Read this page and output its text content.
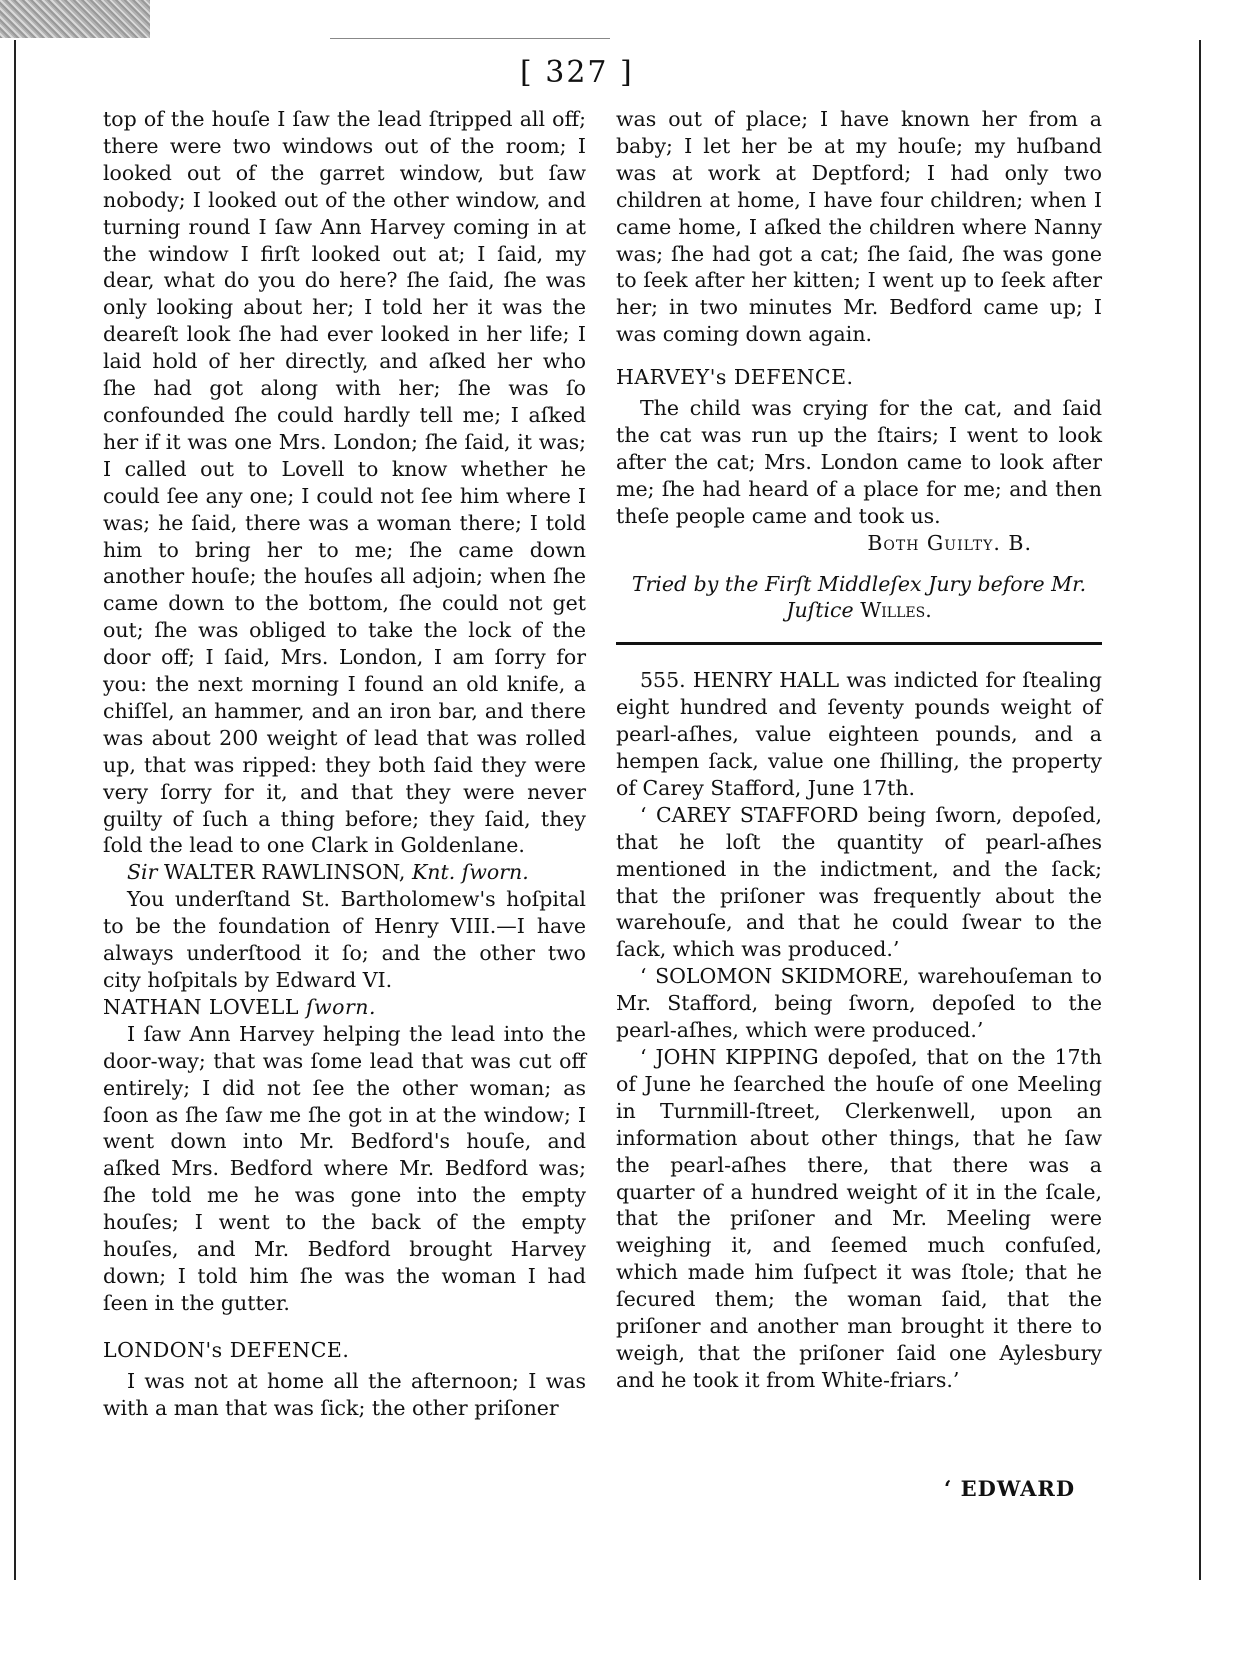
[ 327 ]

top of the houſe I ſaw the lead ſtripped all off; there were two windows out of the room; I looked out of the garret window, but ſaw nobody; I looked out of the other window, and turning round I ſaw Ann Harvey coming in at the window I firſt looked out at; I ſaid, my dear, what do you do here? ſhe ſaid, ſhe was only looking about her; I told her it was the deareſt look ſhe had ever looked in her life; I laid hold of her directly, and aſked her who ſhe had got along with her; ſhe was ſo confounded ſhe could hardly tell me; I aſked her if it was one Mrs. London; ſhe ſaid, it was; I called out to Lovell to know whether he could ſee any one; I could not ſee him where I was; he ſaid, there was a woman there; I told him to bring her to me; ſhe came down another houſe; the houſes all adjoin; when ſhe came down to the bottom, ſhe could not get out; ſhe was obliged to take the lock of the door off; I ſaid, Mrs. London, I am ſorry for you: the next morning I found an old knife, a chiſſel, an hammer, and an iron bar, and there was about 200 weight of lead that was rolled up, that was ripped: they both ſaid they were very ſorry for it, and that they were never guilty of ſuch a thing before; they ſaid, they ſold the lead to one Clark in Goldenlane.

Sir WALTER RAWLINSON, Knt. ſworn.

You underſtand St. Bartholomew's hoſpital to be the foundation of Henry VIII.—I have always underſtood it ſo; and the other two city hoſpitals by Edward VI.

NATHAN LOVELL ſworn.

I ſaw Ann Harvey helping the lead into the door-way; that was ſome lead that was cut off entirely; I did not ſee the other woman; as ſoon as ſhe ſaw me ſhe got in at the window; I went down into Mr. Bedford's houſe, and aſked Mrs. Bedford where Mr. Bedford was; ſhe told me he was gone into the empty houſes; I went to the back of the empty houſes, and Mr. Bedford brought Harvey down; I told him ſhe was the woman I had ſeen in the gutter.

LONDON's DEFENCE.

I was not at home all the afternoon; I was with a man that was ſick; the other priſoner

was out of place; I have known her from a baby; I let her be at my houſe; my huſband was at work at Deptford; I had only two children at home, I have four children; when I came home, I aſked the children where Nanny was; ſhe had got a cat; ſhe ſaid, ſhe was gone to ſeek after her kitten; I went up to ſeek after her; in two minutes Mr. Bedford came up; I was coming down again.

HARVEY's DEFENCE.

The child was crying for the cat, and ſaid the cat was run up the ſtairs; I went to look after the cat; Mrs. London came to look after me; ſhe had heard of a place for me; and then theſe people came and took us.

Both Guilty. B.

Tried by the Firſt Middleſex Jury before Mr.
Juſtice Willes.

555. HENRY HALL was indicted for ſtealing eight hundred and ſeventy pounds weight of pearl-aſhes, value eighteen pounds, and a hempen ſack, value one ſhilling, the property of Carey Stafford, June 17th.

‘ CAREY STAFFORD being ſworn, depoſed, that he loſt the quantity of pearl-aſhes mentioned in the indictment, and the ſack; that the priſoner was frequently about the warehouſe, and that he could ſwear to the ſack, which was produced.’

‘ SOLOMON SKIDMORE, warehouſeman to Mr. Stafford, being ſworn, depoſed to the pearl-aſhes, which were produced.’

‘ JOHN KIPPING depoſed, that on the 17th of June he ſearched the houſe of one Meeling in Turnmill-ſtreet, Clerkenwell, upon an information about other things, that he ſaw the pearl-aſhes there, that there was a quarter of a hundred weight of it in the ſcale, that the priſoner and Mr. Meeling were weighing it, and ſeemed much confuſed, which made him ſuſpect it was ſtole; that he ſecured them; the woman ſaid, that the priſoner and another man brought it there to weigh, that the priſoner ſaid one Aylesbury and he took it from White-friars.’

‘ EDWARD
